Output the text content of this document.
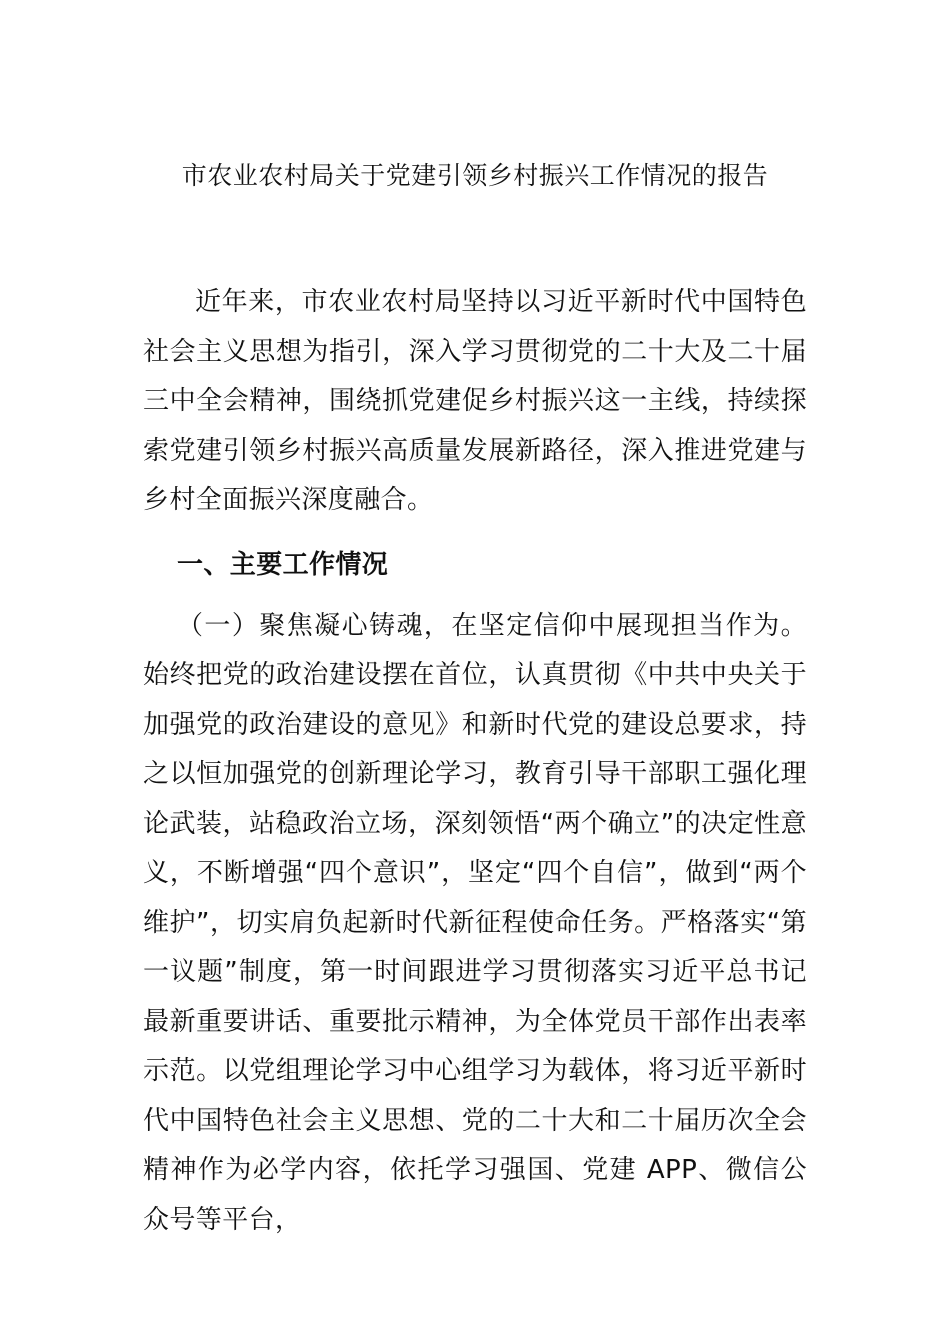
市农业农村局关于党建引领乡村振兴工作情况的报告

近年来，市农业农村局坚持以习近平新时代中国特色社会主义思想为指引，深入学习贯彻党的二十大及二十届三中全会精神，围绕抓党建促乡村振兴这一主线，持续探索党建引领乡村振兴高质量发展新路径，深入推进党建与乡村全面振兴深度融合。

一、主要工作情况

（一）聚焦凝心铸魂，在坚定信仰中展现担当作为。始终把党的政治建设摆在首位，认真贯彻《中共中央关于加强党的政治建设的意见》和新时代党的建设总要求，持之以恒加强党的创新理论学习，教育引导干部职工强化理论武装，站稳政治立场，深刻领悟“两个确立”的决定性意义，不断增强“四个意识”，坚定“四个自信”，做到“两个维护”，切实肩负起新时代新征程使命任务。严格落实“第一议题”制度，第一时间跟进学习贯彻落实习近平总书记最新重要讲话、重要批示精神，为全体党员干部作出表率示范。以党组理论学习中心组学习为载体，将习近平新时代中国特色社会主义思想、党的二十大和二十届历次全会精神作为必学内容，依托学习强国、党建 APP、微信公众号等平台，
